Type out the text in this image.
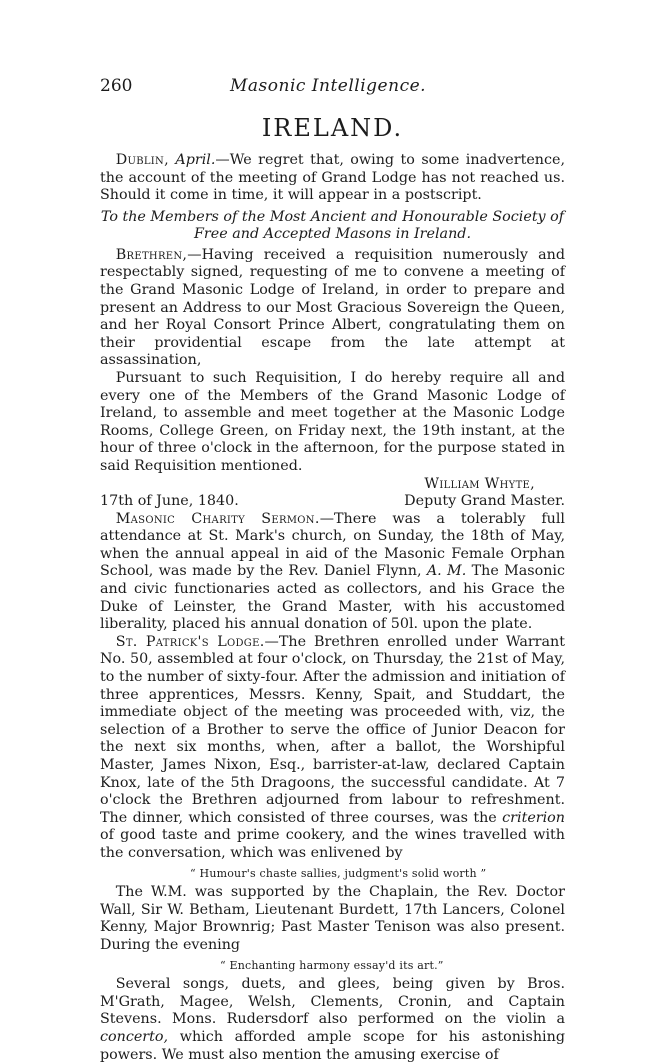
260	Masonic Intelligence.
IRELAND.

Dublin, April.—We regret that, owing to some inadvertence, the account of the meeting of Grand Lodge has not reached us. Should it come in time, it will appear in a postscript.

To the Members of the Most Ancient and Honourable Society of Free and Accepted Masons in Ireland.

Brethren,—Having received a requisition numerously and respectably signed, requesting of me to convene a meeting of the Grand Masonic Lodge of Ireland, in order to prepare and present an Address to our Most Gracious Sovereign the Queen, and her Royal Consort Prince Albert, congratulating them on their providential escape from the late attempt at assassination,

Pursuant to such Requisition, I do hereby require all and every one of the Members of the Grand Masonic Lodge of Ireland, to assemble and meet together at the Masonic Lodge Rooms, College Green, on Friday next, the 19th instant, at the hour of three o'clock in the afternoon, for the purpose stated in said Requisition mentioned.

William Whyte,
17th of June, 1840.	Deputy Grand Master.

Masonic Charity Sermon.—There was a tolerably full attendance at St. Mark's church, on Sunday, the 18th of May, when the annual appeal in aid of the Masonic Female Orphan School, was made by the Rev. Daniel Flynn, A. M. The Masonic and civic functionaries acted as collectors, and his Grace the Duke of Leinster, the Grand Master, with his accustomed liberality, placed his annual donation of 50l. upon the plate.

St. Patrick's Lodge.—The Brethren enrolled under Warrant No. 50, assembled at four o'clock, on Thursday, the 21st of May, to the number of sixty-four. After the admission and initiation of three apprentices, Messrs. Kenny, Spait, and Studdart, the immediate object of the meeting was proceeded with, viz, the selection of a Brother to serve the office of Junior Deacon for the next six months, when, after a ballot, the Worshipful Master, James Nixon, Esq., barrister-at-law, declared Captain Knox, late of the 5th Dragoons, the successful candidate. At 7 o'clock the Brethren adjourned from labour to refreshment. The dinner, which consisted of three courses, was the criterion of good taste and prime cookery, and the wines travelled with the conversation, which was enlivened by

“ Humour's chaste sallies, judgment's solid worth ”

The W.M. was supported by the Chaplain, the Rev. Doctor Wall, Sir W. Betham, Lieutenant Burdett, 17th Lancers, Colonel Kenny, Major Brownrig; Past Master Tenison was also present. During the evening

“ Enchanting harmony essay'd its art.”

Several songs, duets, and glees, being given by Bros. M'Grath, Magee, Welsh, Clements, Cronin, and Captain Stevens. Mons. Rudersdorf also performed on the violin a concerto, which afforded ample scope for his astonishing powers. We must also mention the amusing exercise of
